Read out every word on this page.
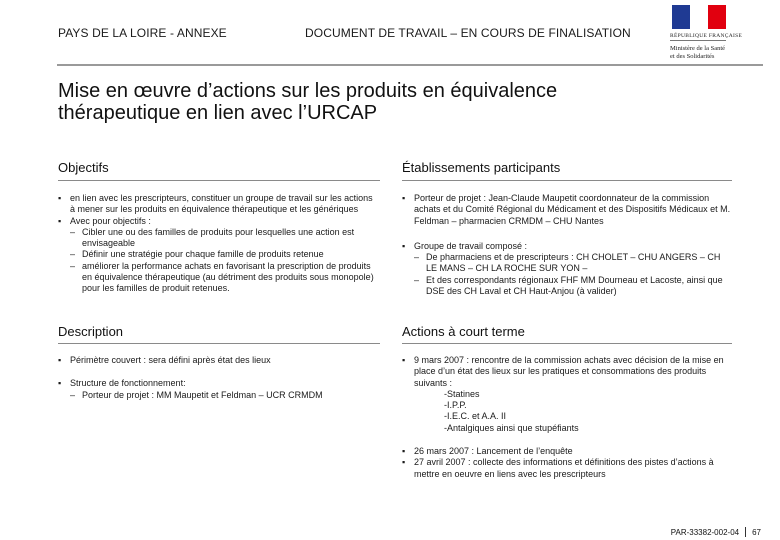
PAYS DE LA LOIRE - ANNEXE	DOCUMENT DE TRAVAIL – EN COURS DE FINALISATION	RÉPUBLIQUE FRANÇAISE
Ministère de la Santé
et des Solidarités
Mise en œuvre d’actions sur les produits en équivalence thérapeutique en lien avec l’URCAP
Objectifs
▪ en lien avec les prescripteurs, constituer un groupe de travail sur les actions à mener sur les produits en équivalence thérapeutique et les génériques
▪ Avec pour objectifs :
– Cibler une ou des familles de produits pour lesquelles une action est envisageable
– Définir une stratégie pour chaque famille de produits retenue
– améliorer la performance achats en favorisant la prescription de produits en équivalence thérapeutique (au détriment des produits sous monopole) pour les familles de produit retenues.
Établissements participants
▪ Porteur de projet : Jean-Claude Maupetit coordonnateur de la commission achats et du Comité Régional du Médicament et des Dispositifs Médicaux et M. Feldman – pharmacien CRMDM – CHU Nantes
▪ Groupe de travail composé :
– De pharmaciens et de prescripteurs : CH CHOLET – CHU ANGERS – CH LE MANS – CH LA ROCHE SUR YON –
– Et des correspondants régionaux FHF MM Dourneau et Lacoste, ainsi que DSE des CH Laval et CH Haut-Anjou (à valider)
Description
▪ Périmètre couvert : sera défini après état des lieux
▪ Structure de fonctionnement:
– Porteur de projet : MM Maupetit et Feldman – UCR CRMDM
Actions à court terme
▪ 9 mars 2007 : rencontre de la commission achats avec décision de la mise en place d’un état des lieux sur les pratiques et consommations des produits suivants :
-Statines
-I.P.P.
-I.E.C. et A.A. II
-Antalgiques ainsi que stupéfiants
▪ 26 mars 2007 : Lancement de l’enquête
▪ 27 avril 2007 : collecte des informations et définitions des pistes d’actions à mettre en oeuvre en liens avec les prescripteurs
PAR-33382-002-04 67
